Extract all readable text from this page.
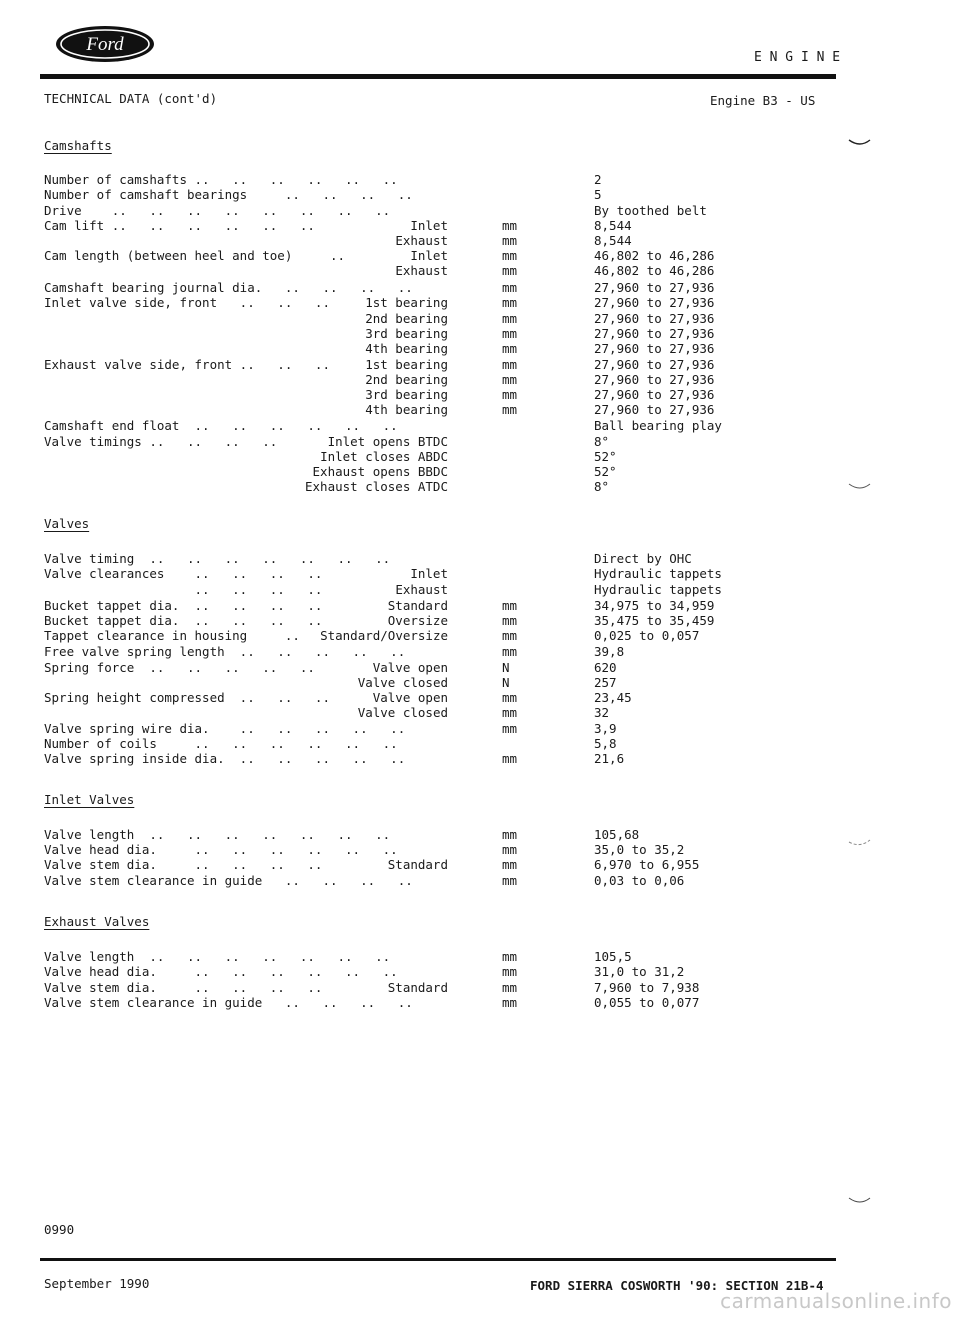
Ford
E N G I N E
TECHNICAL DATA (cont'd)	Engine B3 - US
Camshafts
Valves
Inlet Valves
Exhaust Valves
Number of camshafts ..   ..   ..   ..   ..   ..	2
Number of camshaft bearings     ..   ..   ..   ..	5
Drive    ..   ..   ..   ..   ..   ..   ..   ..	By toothed belt
Cam lift ..   ..   ..   ..   ..   ..	Inlet	mm	8,544
Exhaust	mm	8,544
Cam length (between heel and toe)     ..	Inlet	mm	46,802 to 46,286
Exhaust	mm	46,802 to 46,286
Camshaft bearing journal dia.   ..   ..   ..   ..	mm	27,960 to 27,936
Inlet valve side, front   ..   ..   ..	1st bearing	mm	27,960 to 27,936
2nd bearing	mm	27,960 to 27,936
3rd bearing	mm	27,960 to 27,936
4th bearing	mm	27,960 to 27,936
Exhaust valve side, front ..   ..   ..	1st bearing	mm	27,960 to 27,936
2nd bearing	mm	27,960 to 27,936
3rd bearing	mm	27,960 to 27,936
4th bearing	mm	27,960 to 27,936
Camshaft end float  ..   ..   ..   ..   ..   ..	Ball bearing play
Valve timings ..   ..   ..   ..	Inlet opens BTDC	8°
Inlet closes ABDC	52°
Exhaust opens BBDC	52°
Exhaust closes ATDC	8°
Valve timing  ..   ..   ..   ..   ..   ..   ..	Direct by OHC
Valve clearances    ..   ..   ..   ..	Inlet	Hydraulic tappets
..   ..   ..   ..	Exhaust	Hydraulic tappets
Bucket tappet dia.  ..   ..   ..   ..	Standard	mm	34,975 to 34,959
Bucket tappet dia.  ..   ..   ..   ..	Oversize	mm	35,475 to 35,459
Tappet clearance in housing     .. Standard/Oversize	mm	0,025 to 0,057
Free valve spring length  ..   ..   ..   ..   ..	mm	39,8
Spring force  ..   ..   ..   ..   ..	Valve open	N	620
Valve closed	N	257
Spring height compressed  ..   ..   ..	Valve open	mm	23,45
Valve closed	mm	32
Valve spring wire dia.    ..   ..   ..   ..   ..	mm	3,9
Number of coils     ..   ..   ..   ..   ..   ..	5,8
Valve spring inside dia.  ..   ..   ..   ..   ..	mm	21,6
Valve length  ..   ..   ..   ..   ..   ..   ..	mm	105,68
Valve head dia.     ..   ..   ..   ..   ..   ..	mm	35,0 to 35,2
Valve stem dia.     ..   ..   ..   ..	Standard	mm	6,970 to 6,955
Valve stem clearance in guide   ..   ..   ..   ..	mm	0,03 to 0,06
Valve length  ..   ..   ..   ..   ..   ..   ..	mm	105,5
Valve head dia.     ..   ..   ..   ..   ..   ..	mm	31,0 to 31,2
Valve stem dia.     ..   ..   ..   ..	Standard	mm	7,960 to 7,938
Valve stem clearance in guide   ..   ..   ..   ..	mm	0,055 to 0,077
0990
September 1990	FORD SIERRA COSWORTH '90: SECTION 21B-4
carmanualsonline.info
